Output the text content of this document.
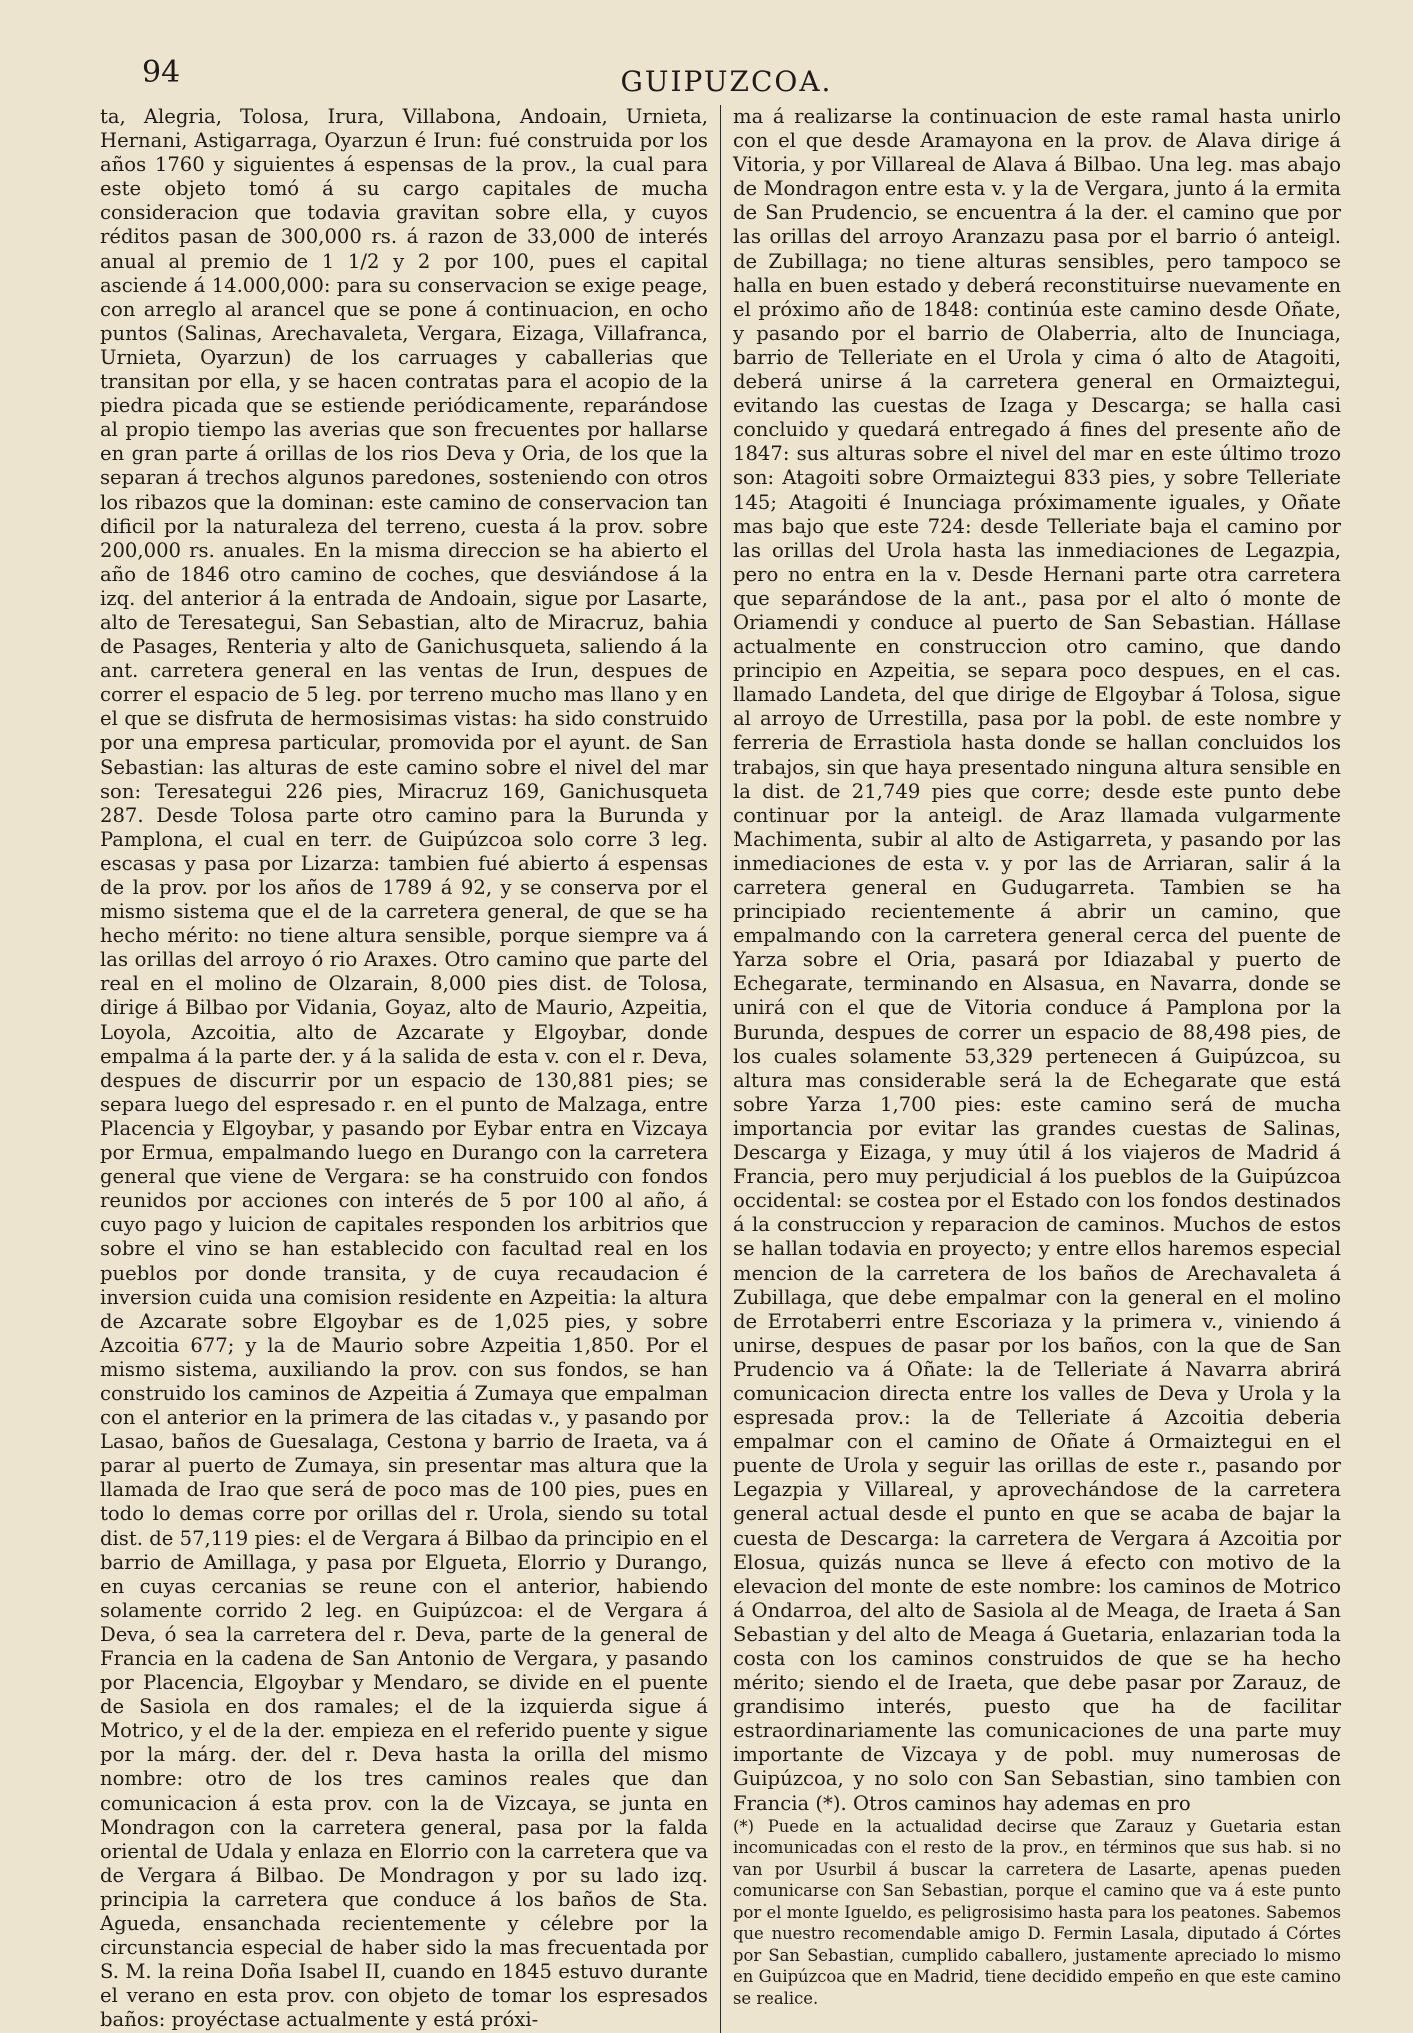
94	GUIPUZCOA.

ta, Alegria, Tolosa, Irura, Villabona, Andoain, Urnieta, Hernani, Astigarraga, Oyarzun é Irun: fué construida por los años 1760 y siguientes á espensas de la prov., la cual para este objeto tomó á su cargo capitales de mucha consideracion que todavia gravitan sobre ella, y cuyos réditos pasan de 300,000 rs. á razon de 33,000 de interés anual al premio de 1 1/2 y 2 por 100, pues el capital asciende á 14.000,000: para su conservacion se exige peage, con arreglo al arancel que se pone á continuacion, en ocho puntos (Salinas, Arechavaleta, Vergara, Eizaga, Villafranca, Urnieta, Oyarzun) de los carruages y caballerias que transitan por ella, y se hacen contratas para el acopio de la piedra picada que se estiende periódicamente, reparándose al propio tiempo las averias que son frecuentes por hallarse en gran parte á orillas de los rios Deva y Oria, de los que la separan á trechos algunos paredones, sosteniendo con otros los ribazos que la dominan: este camino de conservacion tan dificil por la naturaleza del terreno, cuesta á la prov. sobre 200,000 rs. anuales. En la misma direccion se ha abierto el año de 1846 otro camino de coches, que desviándose á la izq. del anterior á la entrada de Andoain, sigue por Lasarte, alto de Teresategui, San Sebastian, alto de Miracruz, bahia de Pasages, Renteria y alto de Ganichusqueta, saliendo á la ant. carretera general en las ventas de Irun, despues de correr el espacio de 5 leg. por terreno mucho mas llano y en el que se disfruta de hermosisimas vistas: ha sido construido por una empresa particular, promovida por el ayunt. de San Sebastian: las alturas de este camino sobre el nivel del mar son: Teresategui 226 pies, Miracruz 169, Ganichusqueta 287. Desde Tolosa parte otro camino para la Burunda y Pamplona, el cual en terr. de Guipúzcoa solo corre 3 leg. escasas y pasa por Lizarza: tambien fué abierto á espensas de la prov. por los años de 1789 á 92, y se conserva por el mismo sistema que el de la carretera general, de que se ha hecho mérito: no tiene altura sensible, porque siempre va á las orillas del arroyo ó rio Araxes. Otro camino que parte del real en el molino de Olzarain, 8,000 pies dist. de Tolosa, dirige á Bilbao por Vidania, Goyaz, alto de Maurio, Azpeitia, Loyola, Azcoitia, alto de Azcarate y Elgoybar, donde empalma á la parte der. y á la salida de esta v. con el r. Deva, despues de discurrir por un espacio de 130,881 pies; se separa luego del espresado r. en el punto de Malzaga, entre Placencia y Elgoybar, y pasando por Eybar entra en Vizcaya por Ermua, empalmando luego en Durango con la carretera general que viene de Vergara: se ha construido con fondos reunidos por acciones con interés de 5 por 100 al año, á cuyo pago y luicion de capitales responden los arbitrios que sobre el vino se han establecido con facultad real en los pueblos por donde transita, y de cuya recaudacion é inversion cuida una comision residente en Azpeitia: la altura de Azcarate sobre Elgoybar es de 1,025 pies, y sobre Azcoitia 677; y la de Maurio sobre Azpeitia 1,850. Por el mismo sistema, auxiliando la prov. con sus fondos, se han construido los caminos de Azpeitia á Zumaya que empalman con el anterior en la primera de las citadas v., y pasando por Lasao, baños de Guesalaga, Cestona y barrio de Iraeta, va á parar al puerto de Zumaya, sin presentar mas altura que la llamada de Irao que será de poco mas de 100 pies, pues en todo lo demas corre por orillas del r. Urola, siendo su total dist. de 57,119 pies: el de Vergara á Bilbao da principio en el barrio de Amillaga, y pasa por Elgueta, Elorrio y Durango, en cuyas cercanias se reune con el anterior, habiendo solamente corrido 2 leg. en Guipúzcoa: el de Vergara á Deva, ó sea la carretera del r. Deva, parte de la general de Francia en la cadena de San Antonio de Vergara, y pasando por Placencia, Elgoybar y Mendaro, se divide en el puente de Sasiola en dos ramales; el de la izquierda sigue á Motrico, y el de la der. empieza en el referido puente y sigue por la márg. der. del r. Deva hasta la orilla del mismo nombre: otro de los tres caminos reales que dan comunicacion á esta prov. con la de Vizcaya, se junta en Mondragon con la carretera general, pasa por la falda oriental de Udala y enlaza en Elorrio con la carretera que va de Vergara á Bilbao. De Mondragon y por su lado izq. principia la carretera que conduce á los baños de Sta. Agueda, ensanchada recientemente y célebre por la circunstancia especial de haber sido la mas frecuentada por S. M. la reina Doña Isabel II, cuando en 1845 estuvo durante el verano en esta prov. con objeto de tomar los espresados baños: proyéctase actualmente y está próxi-

ma á realizarse la continuacion de este ramal hasta unirlo con el que desde Aramayona en la prov. de Alava dirige á Vitoria, y por Villareal de Alava á Bilbao. Una leg. mas abajo de Mondragon entre esta v. y la de Vergara, junto á la ermita de San Prudencio, se encuentra á la der. el camino que por las orillas del arroyo Aranzazu pasa por el barrio ó anteigl. de Zubillaga; no tiene alturas sensibles, pero tampoco se halla en buen estado y deberá reconstituirse nuevamente en el próximo año de 1848: continúa este camino desde Oñate, y pasando por el barrio de Olaberria, alto de Inunciaga, barrio de Telleriate en el Urola y cima ó alto de Atagoiti, deberá unirse á la carretera general en Ormaiztegui, evitando las cuestas de Izaga y Descarga; se halla casi concluido y quedará entregado á fines del presente año de 1847: sus alturas sobre el nivel del mar en este último trozo son: Atagoiti sobre Ormaiztegui 833 pies, y sobre Telleriate 145; Atagoiti é Inunciaga próximamente iguales, y Oñate mas bajo que este 724: desde Telleriate baja el camino por las orillas del Urola hasta las inmediaciones de Legazpia, pero no entra en la v. Desde Hernani parte otra carretera que separándose de la ant., pasa por el alto ó monte de Oriamendi y conduce al puerto de San Sebastian. Hállase actualmente en construccion otro camino, que dando principio en Azpeitia, se separa poco despues, en el cas. llamado Landeta, del que dirige de Elgoybar á Tolosa, sigue al arroyo de Urrestilla, pasa por la pobl. de este nombre y ferreria de Errastiola hasta donde se hallan concluidos los trabajos, sin que haya presentado ninguna altura sensible en la dist. de 21,749 pies que corre; desde este punto debe continuar por la anteigl. de Araz llamada vulgarmente Machimenta, subir al alto de Astigarreta, y pasando por las inmediaciones de esta v. y por las de Arriaran, salir á la carretera general en Gudugarreta. Tambien se ha principiado recientemente á abrir un camino, que empalmando con la carretera general cerca del puente de Yarza sobre el Oria, pasará por Idiazabal y puerto de Echegarate, terminando en Alsasua, en Navarra, donde se unirá con el que de Vitoria conduce á Pamplona por la Burunda, despues de correr un espacio de 88,498 pies, de los cuales solamente 53,329 pertenecen á Guipúzcoa, su altura mas considerable será la de Echegarate que está sobre Yarza 1,700 pies: este camino será de mucha importancia por evitar las grandes cuestas de Salinas, Descarga y Eizaga, y muy útil á los viajeros de Madrid á Francia, pero muy perjudicial á los pueblos de la Guipúzcoa occidental: se costea por el Estado con los fondos destinados á la construccion y reparacion de caminos. Muchos de estos se hallan todavia en proyecto; y entre ellos haremos especial mencion de la carretera de los baños de Arechavaleta á Zubillaga, que debe empalmar con la general en el molino de Errotaberri entre Escoriaza y la primera v., viniendo á unirse, despues de pasar por los baños, con la que de San Prudencio va á Oñate: la de Telleriate á Navarra abrirá comunicacion directa entre los valles de Deva y Urola y la espresada prov.: la de Telleriate á Azcoitia deberia empalmar con el camino de Oñate á Ormaiztegui en el puente de Urola y seguir las orillas de este r., pasando por Legazpia y Villareal, y aprovechándose de la carretera general actual desde el punto en que se acaba de bajar la cuesta de Descarga: la carretera de Vergara á Azcoitia por Elosua, quizás nunca se lleve á efecto con motivo de la elevacion del monte de este nombre: los caminos de Motrico á Ondarroa, del alto de Sasiola al de Meaga, de Iraeta á San Sebastian y del alto de Meaga á Guetaria, enlazarian toda la costa con los caminos construidos de que se ha hecho mérito; siendo el de Iraeta, que debe pasar por Zarauz, de grandisimo interés, puesto que ha de facilitar estraordinariamente las comunicaciones de una parte muy importante de Vizcaya y de pobl. muy numerosas de Guipúzcoa, y no solo con San Sebastian, sino tambien con Francia (*). Otros caminos hay ademas en pro

(*) Puede en la actualidad decirse que Zarauz y Guetaria estan incomunicadas con el resto de la prov., en términos que sus hab. si no van por Usurbil á buscar la carretera de Lasarte, apenas pueden comunicarse con San Sebastian, porque el camino que va á este punto por el monte Igueldo, es peligrosisimo hasta para los peatones. Sabemos que nuestro recomendable amigo D. Fermin Lasala, diputado á Córtes por San Sebastian, cumplido caballero, justamente apreciado lo mismo en Guipúzcoa que en Madrid, tiene decidido empeño en que este camino se realice.
